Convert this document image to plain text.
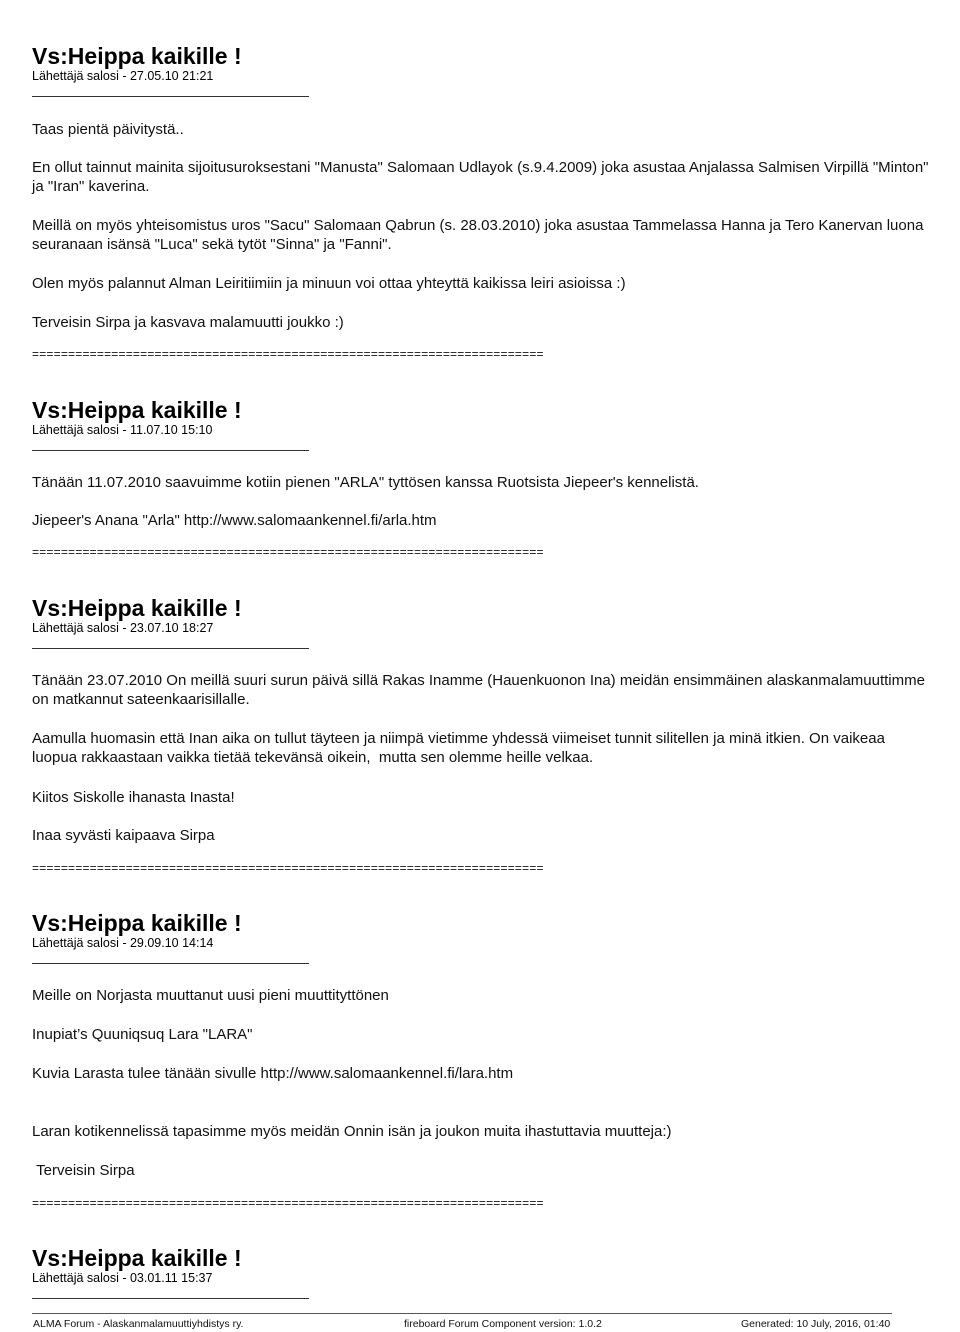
Vs:Heippa kaikille !
Lähettäjä salosi - 27.05.10 21:21

Taas pientä päivitystä..

En ollut tainnut mainita sijoitusuroksestani "Manusta" Salomaan Udlayok (s.9.4.2009) joka asustaa Anjalassa Salmisen Virpillä "Minton" ja "Iran" kaverina.

Meillä on myös yhteisomistus uros "Sacu" Salomaan Qabrun (s. 28.03.2010) joka asustaa Tammelassa Hanna ja Tero Kanervan luona seuranaan isänsä "Luca" sekä tytöt "Sinna" ja "Fanni".

Olen myös palannut Alman Leiritiimiin ja minuun voi ottaa yhteyttä kaikissa leiri asioissa :)

Terveisin Sirpa ja kasvava malamuutti joukko :)

=======================================================================
Vs:Heippa kaikille !
Lähettäjä salosi - 11.07.10 15:10

Tänään 11.07.2010 saavuimme kotiin pienen "ARLA" tyttösen kanssa Ruotsista Jiepeer's kennelistä.

Jiepeer's Anana "Arla" http://www.salomaankennel.fi/arla.htm

=======================================================================
Vs:Heippa kaikille !
Lähettäjä salosi - 23.07.10 18:27

Tänään 23.07.2010 On meillä suuri surun päivä sillä Rakas Inamme (Hauenkuonon Ina) meidän ensimmäinen alaskanmalamuuttimme on matkannut sateenkaarisillalle.

Aamulla huomasin että Inan aika on tullut täyteen ja niimpä vietimme yhdessä viimeiset tunnit silitellen ja minä itkien. On vaikeaa luopua rakkaastaan vaikka tietää tekevänsä oikein,  mutta sen olemme heille velkaa.

Kiitos Siskolle ihanasta Inasta!

Inaa syvästi kaipaava Sirpa

=======================================================================
Vs:Heippa kaikille !
Lähettäjä salosi - 29.09.10 14:14

Meille on Norjasta muuttanut uusi pieni muuttityttönen

Inupiat’s Quuniqsuq Lara "LARA"

Kuvia Larasta tulee tänään sivulle http://www.salomaankennel.fi/lara.htm

Laran kotikennelissä tapasimme myös meidän Onnin isän ja joukon muita ihastuttavia muutteja:)

Terveisin Sirpa

=======================================================================
Vs:Heippa kaikille !
Lähettäjä salosi - 03.01.11 15:37
ALMA Forum - Alaskanmalamuuttiyhdistys ry.	fireboard Forum Component version: 1.0.2	Generated: 10 July, 2016, 01:40
